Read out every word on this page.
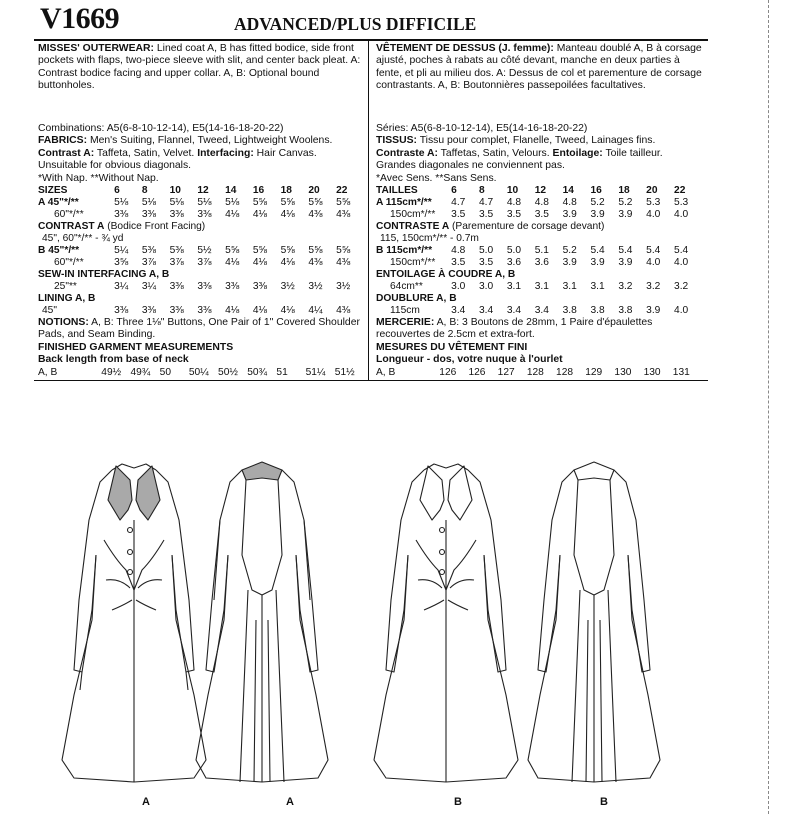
V1669	ADVANCED/PLUS DIFFICILE

MISSES' OUTERWEAR: Lined coat A, B has fitted bodice, side front pockets with flaps, two-piece sleeve with slit, and center back pleat. A: Contrast bodice facing and upper collar. A, B: Optional bound buttonholes.

Combinations: A5(6-8-10-12-14), E5(14-16-18-20-22)

FABRICS: Men's Suiting, Flannel, Tweed, Lightweight Woolens.

Contrast A: Taffeta, Satin, Velvet. Interfacing: Hair Canvas.

Unsuitable for obvious diagonals.

*With Nap. **Without Nap.

SIZES	6	8	10	12	14	16	18	20	22
A 45"*/**	5⅛	5⅛	5⅛	5⅛	5⅛	5⅝	5⅝	5⅝	5⅝
60"*/**	3⅜	3⅜	3⅜	3⅜	4⅛	4⅛	4⅛	4⅜	4⅜
CONTRAST A (Bodice Front Facing)									
45", 60"*/** - ¾ yd									
B 45"*/**	5¼	5⅜	5⅜	5½	5⅝	5⅝	5⅝	5⅝	5⅝
60"*/**	3⅝	3⅞	3⅞	3⅞	4⅛	4⅛	4⅛	4⅜	4⅜
SEW-IN INTERFACING A, B									
25"**	3¼	3¼	3⅜	3⅜	3⅜	3⅜	3½	3½	3½
LINING A, B									
45"	3⅜	3⅜	3⅜	3⅜	4⅛	4⅛	4⅛	4¼	4⅜

NOTIONS: A, B: Three 1⅛" Buttons, One Pair of 1" Covered Shoulder Pads, and Seam Binding.

FINISHED GARMENT MEASUREMENTS

Back length from base of neck

A, B	49½	49¾	50	50¼	50½	50¾	51	51¼	51½

VÊTEMENT DE DESSUS (J. femme): Manteau doublé A, B à corsage ajusté, poches à rabats au côté devant, manche en deux parties à fente, et pli au milieu dos. A: Dessus de col et parementure de corsage contrastants. A, B: Boutonnières passepoilées facultatives.

Séries: A5(6-8-10-12-14), E5(14-16-18-20-22)

TISSUS: Tissu pour complet, Flanelle, Tweed, Lainages fins.

Contraste A: Taffetas, Satin, Velours. Entoilage: Toile tailleur.

Grandes diagonales ne conviennent pas.

*Avec Sens. **Sans Sens.

TAILLES	6	8	10	12	14	16	18	20	22
A 115cm*/**	4.7	4.7	4.8	4.8	4.8	5.2	5.2	5.3	5.3
150cm*/**	3.5	3.5	3.5	3.5	3.9	3.9	3.9	4.0	4.0
CONTRASTE A (Parementure de corsage devant)									
115, 150cm*/** - 0.7m									
B 115cm*/**	4.8	5.0	5.0	5.1	5.2	5.4	5.4	5.4	5.4
150cm*/**	3.5	3.5	3.6	3.6	3.9	3.9	3.9	4.0	4.0
ENTOILAGE À COUDRE A, B									
64cm**	3.0	3.0	3.1	3.1	3.1	3.1	3.2	3.2	3.2
DOUBLURE A, B									
115cm	3.4	3.4	3.4	3.4	3.8	3.8	3.8	3.9	4.0

MERCERIE: A, B: 3 Boutons de 28mm, 1 Paire d'épaulettes recouvertes de 2.5cm et extra-fort.

MESURES DU VÊTEMENT FINI

Longueur - dos, votre nuque à l'ourlet

A, B	126	126	127	128	128	129	130	130	131
A	A	B	B
